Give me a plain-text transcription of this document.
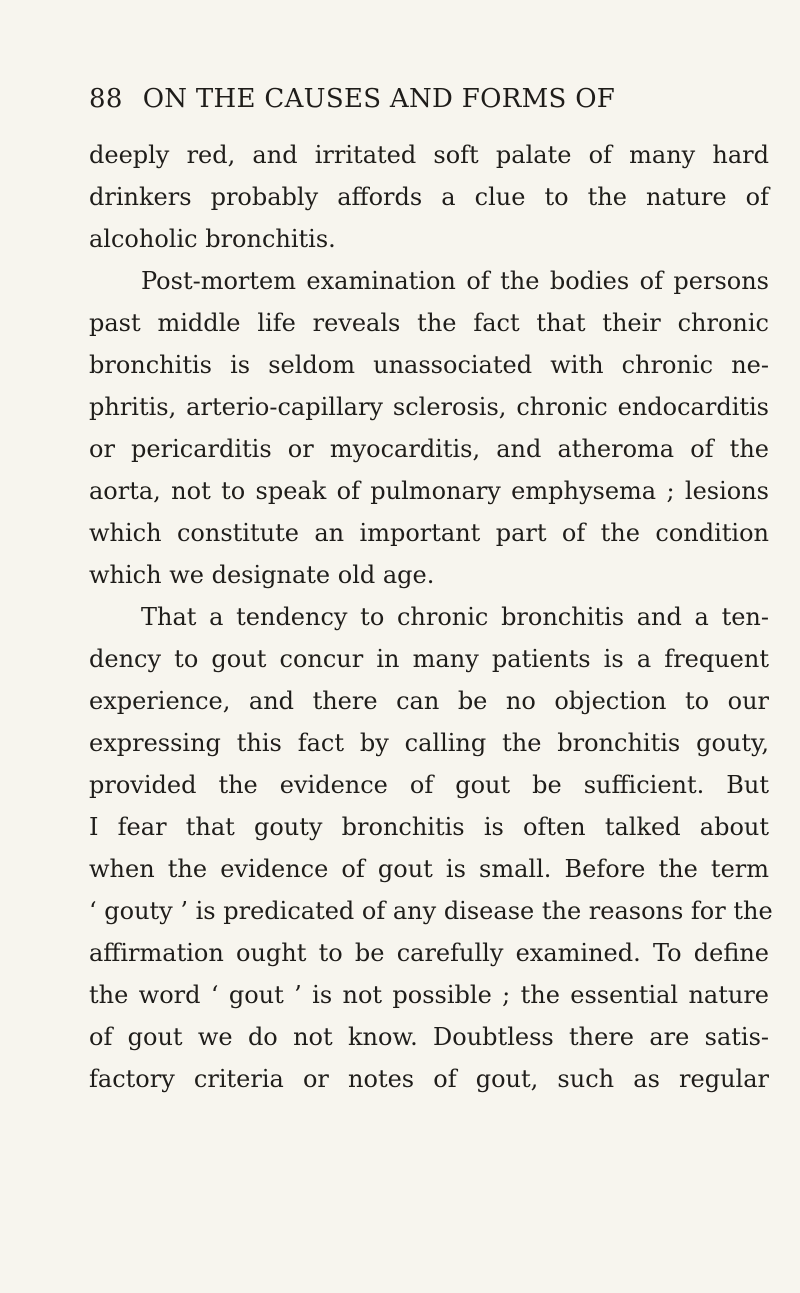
88 ON THE CAUSES AND FORMS OF
deeply red, and irritated soft palate of many hard
drinkers probably affords a clue to the nature of
alcoholic bronchitis.
Post-mortem examination of the bodies of persons
past middle life reveals the fact that their chronic
bronchitis is seldom unassociated with chronic ne-
phritis, arterio-capillary sclerosis, chronic endocarditis
or pericarditis or myocarditis, and atheroma of the
aorta, not to speak of pulmonary emphysema ; lesions
which constitute an important part of the condition
which we designate old age.
That a tendency to chronic bronchitis and a ten-
dency to gout concur in many patients is a frequent
experience, and there can be no objection to our
expressing this fact by calling the bronchitis gouty,
provided the evidence of gout be sufficient. But
I fear that gouty bronchitis is often talked about
when the evidence of gout is small. Before the term
‘ gouty ’ is predicated of any disease the reasons for the
affirmation ought to be carefully examined. To define
the word ‘ gout ’ is not possible ; the essential nature
of gout we do not know. Doubtless there are satis-
factory criteria or notes of gout, such as regular
